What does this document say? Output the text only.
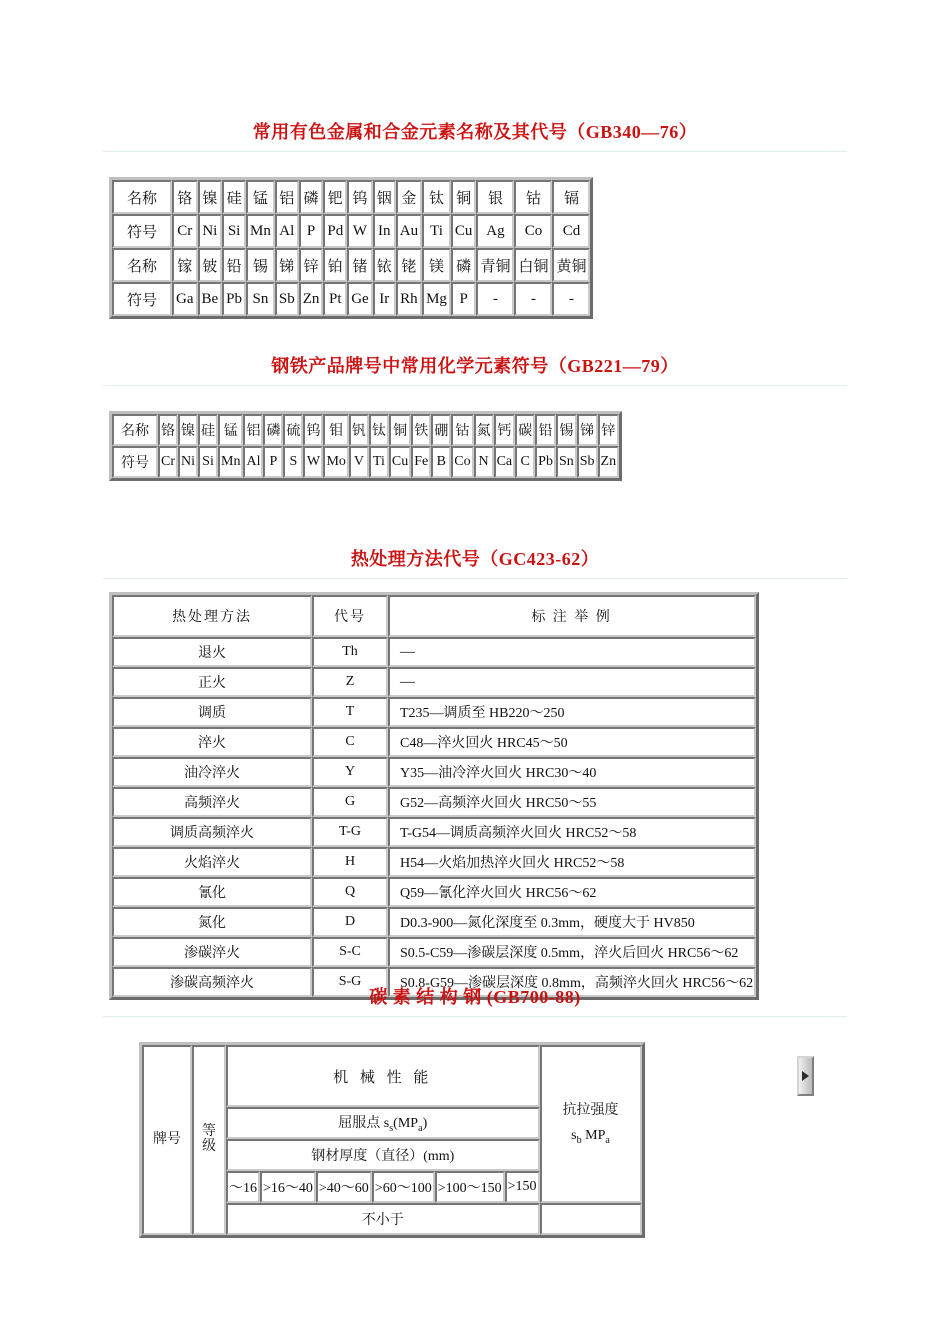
常用有色金属和合金元素名称及其代号（GB340—76）
名称	铬	镍	硅	锰	铝	磷	钯	钨	铟	金	钛	铜	银	钴	镉
符号	Cr	Ni	Si	Mn	Al	P	Pd	W	In	Au	Ti	Cu	Ag	Co	Cd
名称	镓	铍	铅	锡	锑	锌	铂	锗	铱	铑	镁	磷	青铜	白铜	黄铜
符号	Ga	Be	Pb	Sn	Sb	Zn	Pt	Ge	Ir	Rh	Mg	P	-	-	-
钢铁产品牌号中常用化学元素符号（GB221—79）
名称	铬	镍	硅	锰	铝	磷	硫	钨	钼	钒	钛	铜	铁	硼	钴	氮	钙	碳	铅	锡	锑	锌
符号	Cr	Ni	Si	Mn	Al	P	S	W	Mo	V	Ti	Cu	Fe	B	Co	N	Ca	C	Pb	Sn	Sb	Zn
热处理方法代号（GC423-62）
热处理方法	代号	标 注 举 例
退火	Th	—
正火	Z	—
调质	T	T235—调质至 HB220～250
淬火	C	C48—淬火回火 HRC45～50
油冷淬火	Y	Y35—油冷淬火回火 HRC30～40
高频淬火	G	G52—高频淬火回火 HRC50～55
调质高频淬火	T-G	T-G54—调质高频淬火回火 HRC52～58
火焰淬火	H	H54—火焰加热淬火回火 HRC52～58
氰化	Q	Q59—氰化淬火回火 HRC56～62
氮化	D	D0.3-900—氮化深度至 0.3mm，硬度大于 HV850
渗碳淬火	S-C	S0.5-C59—渗碳层深度 0.5mm，淬火后回火 HRC56～62
渗碳高频淬火	S-G	S0.8-G59—渗碳层深度 0.8mm，高频淬火回火 HRC56～62
碳 素 结 构 钢 (GB700-88)
牌号	等级	机 械 性 能						抗拉强度
$s_b$ $MP_a$
		屈服点 $s_s(MP_a)$						
		钢材厚度（直径）(mm)						
		～16	>16～40	>40～60	>60～100	>100～150	>150	
		不小于						
